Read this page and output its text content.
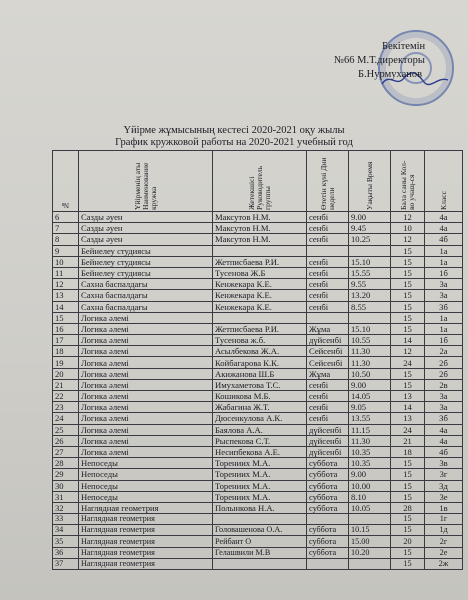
Бекітемін
№66 М.Т.директоры
Б.Нурмуханов
Үйірме жұмысының кестесі 2020-2021 оқу жылы
График кружковой работы на 2020-2021 учебный год
№	Үйірменің аты Наименование кружка	Жетекшісі Руководитель группы	Өтетін күні Дни недели	Уақыты Время	Бала саны Кол-во учащ-ся	Класс

6	Сазды әуен	Максутов Н.М.	сенбі	9.00	12	4а
7	Сазды әуен	Максутов Н.М.	сенбі	9.45	10	4а
8	Сазды әуен	Максутов Н.М.	сенбі	10.25	12	4б
9	Бейнелеу студиясы				15	1а
10	Бейнелеу студиясы	Жетписбаева Р.И.	сенбі	15.10	15	1а
11	Бейнелеу студиясы	Тусенова Ж.Б	сенбі	15.55	15	1б
12	Сахна баспалдағы	Кенжекара К.Е.	сенбі	9.55	15	3а
13	Сахна баспалдағы	Кенжекара К.Е.	сенбі	13.20	15	3а
14	Сахна баспалдағы	Кенжекара К.Е.	сенбі	8.55	15	3б
15	Логика әлемі				15	1а
16	Логика әлемі	Жетписбаева Р.И.	Жұма	15.10	15	1а
17	Логика әлемі	Тусенова ж.б.	дүйсенбі	10.55	14	1б
18	Логика әлемі	Асылбекова Ж.А.	Сейсенбі	11.30	12	2а
19	Логика әлемі	Койбагарова К.К.	Сейсенбі	11.30	24	2б
20	Логика әлемі	Акижанова Ш.Б	Жұма	10.50	15	2б
21	Логика әлемі	Имухаметова Т.С.	сенбі	9.00	15	2в
22	Логика әлемі	Кошикова М.Б.	сенбі	14.05	13	3а
23	Логика әлемі	Жабагина Ж.Т.	сенбі	9.05	14	3а
24	Логика әлемі	Дюсенкулова А.К.	сенбі	13.55	13	3б
25	Логика әлемі	Баялова А.А.	дүйсенбі	11.15	24	4а
26	Логика әлемі	Рыспекова С.Т.	дүйсенбі	11.30	21	4а
27	Логика әлемі	Несипбекова А.Е.	дүйсенбі	10.35	18	4б
28	Непоседы	Торениих М.А.	суббота	10.35	15	3в
29	Непоседы	Торениих М.А.	суббота	9.00	15	3г
30	Непоседы	Торениих М.А.	суббота	10.00	15	3д
31	Непоседы	Торениих М.А.	суббота	8.10	15	3е
32	Наглядная геометрия	Полынкова Н.А.	суббота	10.05	28	1в
33	Наглядная геометрия				15	1г
34	Наглядная геометрия	Головашенова О.А.	суббота	10.15	15	1д
35	Наглядная геометрия	Рейбант О	суббота	15.00	20	2г
36	Наглядная геометрия	Гелашвили М.В	суббота	10.20	15	2е
37	Наглядная геометрия				15	2ж
